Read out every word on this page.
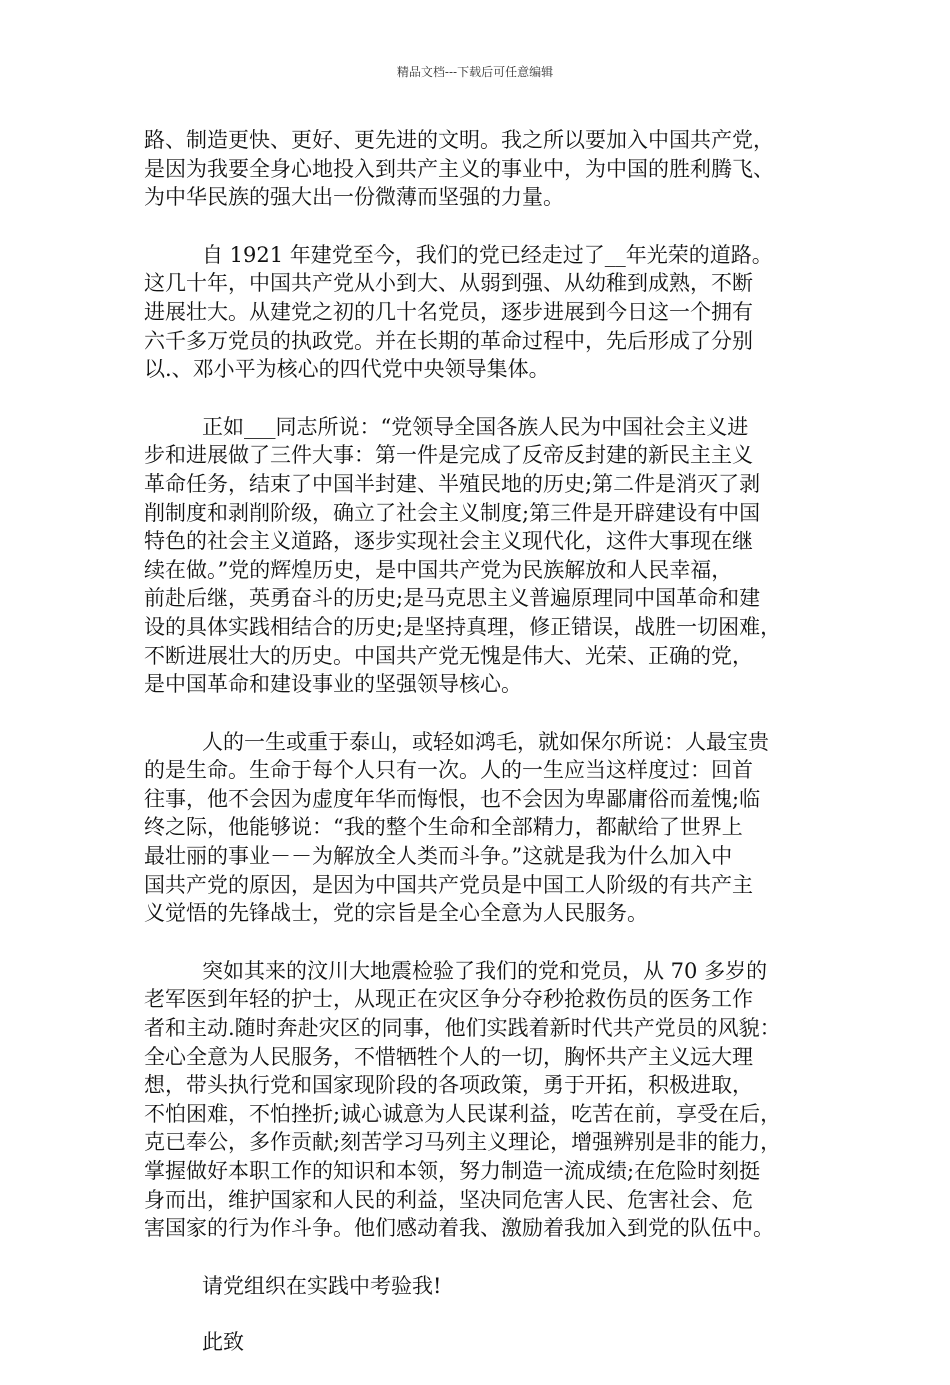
精品文档---下载后可任意编辑
路、制造更快、更好、更先进的文明。我之所以要加入中国共产党，
是因为我要全身心地投入到共产主义的事业中，为中国的胜利腾飞、
为中华民族的强大出一份微薄而坚强的力量。
自 1921 年建党至今，我们的党已经走过了__年光荣的道路。
这几十年，中国共产党从小到大、从弱到强、从幼稚到成熟，不断
进展壮大。从建党之初的几十名党员，逐步进展到今日这一个拥有
六千多万党员的执政党。并在长期的革命过程中，先后形成了分别
以.、邓小平为核心的四代党中央领导集体。
正如___同志所说：“党领导全国各族人民为中国社会主义进
步和进展做了三件大事：第一件是完成了反帝反封建的新民主主义
革命任务，结束了中国半封建、半殖民地的历史;第二件是消灭了剥
削制度和剥削阶级，确立了社会主义制度;第三件是开辟建设有中国
特色的社会主义道路，逐步实现社会主义现代化，这件大事现在继
续在做。”党的辉煌历史，是中国共产党为民族解放和人民幸福，
前赴后继，英勇奋斗的历史;是马克思主义普遍原理同中国革命和建
设的具体实践相结合的历史;是坚持真理，修正错误，战胜一切困难，
不断进展壮大的历史。中国共产党无愧是伟大、光荣、正确的党，
是中国革命和建设事业的坚强领导核心。
人的一生或重于泰山，或轻如鸿毛，就如保尔所说：人最宝贵
的是生命。生命于每个人只有一次。人的一生应当这样度过：回首
往事，他不会因为虚度年华而悔恨，也不会因为卑鄙庸俗而羞愧;临
终之际，他能够说：“我的整个生命和全部精力，都献给了世界上
最壮丽的事业－－为解放全人类而斗争。”这就是我为什么加入中
国共产党的原因，是因为中国共产党员是中国工人阶级的有共产主
义觉悟的先锋战士，党的宗旨是全心全意为人民服务。
突如其来的汶川大地震检验了我们的党和党员，从 70 多岁的
老军医到年轻的护士，从现正在灾区争分夺秒抢救伤员的医务工作
者和主动.随时奔赴灾区的同事，他们实践着新时代共产党员的风貌：
全心全意为人民服务，不惜牺牲个人的一切，胸怀共产主义远大理
想，带头执行党和国家现阶段的各项政策，勇于开拓，积极进取，
不怕困难，不怕挫折;诚心诚意为人民谋利益，吃苦在前，享受在后，
克已奉公，多作贡献;刻苦学习马列主义理论，增强辨别是非的能力，
掌握做好本职工作的知识和本领，努力制造一流成绩;在危险时刻挺
身而出，维护国家和人民的利益，坚决同危害人民、危害社会、危
害国家的行为作斗争。他们感动着我、激励着我加入到党的队伍中。
请党组织在实践中考验我!
此致
